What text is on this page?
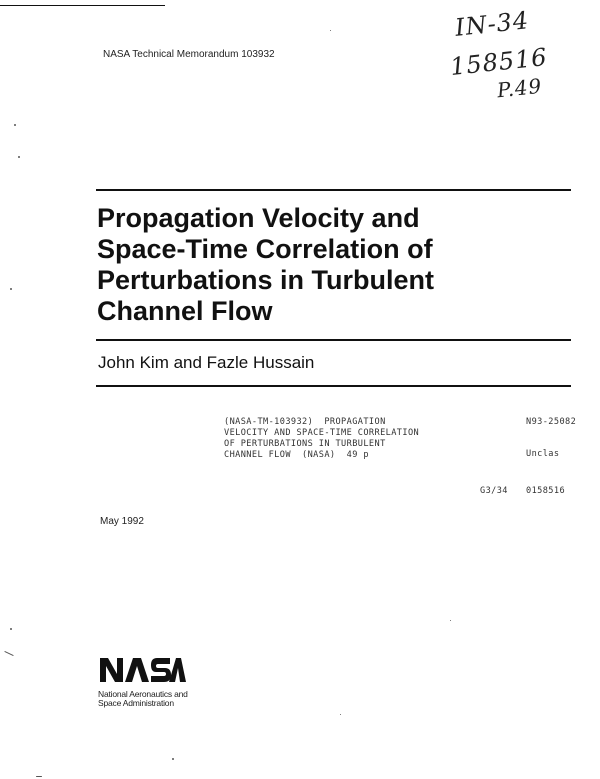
NASA Technical Memorandum 103932
IN-34
158516
P.49
Propagation Velocity and
Space-Time Correlation of
Perturbations in Turbulent
Channel Flow
John Kim and Fazle Hussain
(NASA-TM-103932)  PROPAGATION
VELOCITY AND SPACE-TIME CORRELATION
OF PERTURBATIONS IN TURBULENT
CHANNEL FLOW  (NASA)  49 p
N93-25082
Unclas
G3/34 0158516
May 1992
National Aeronautics and
Space Administration
